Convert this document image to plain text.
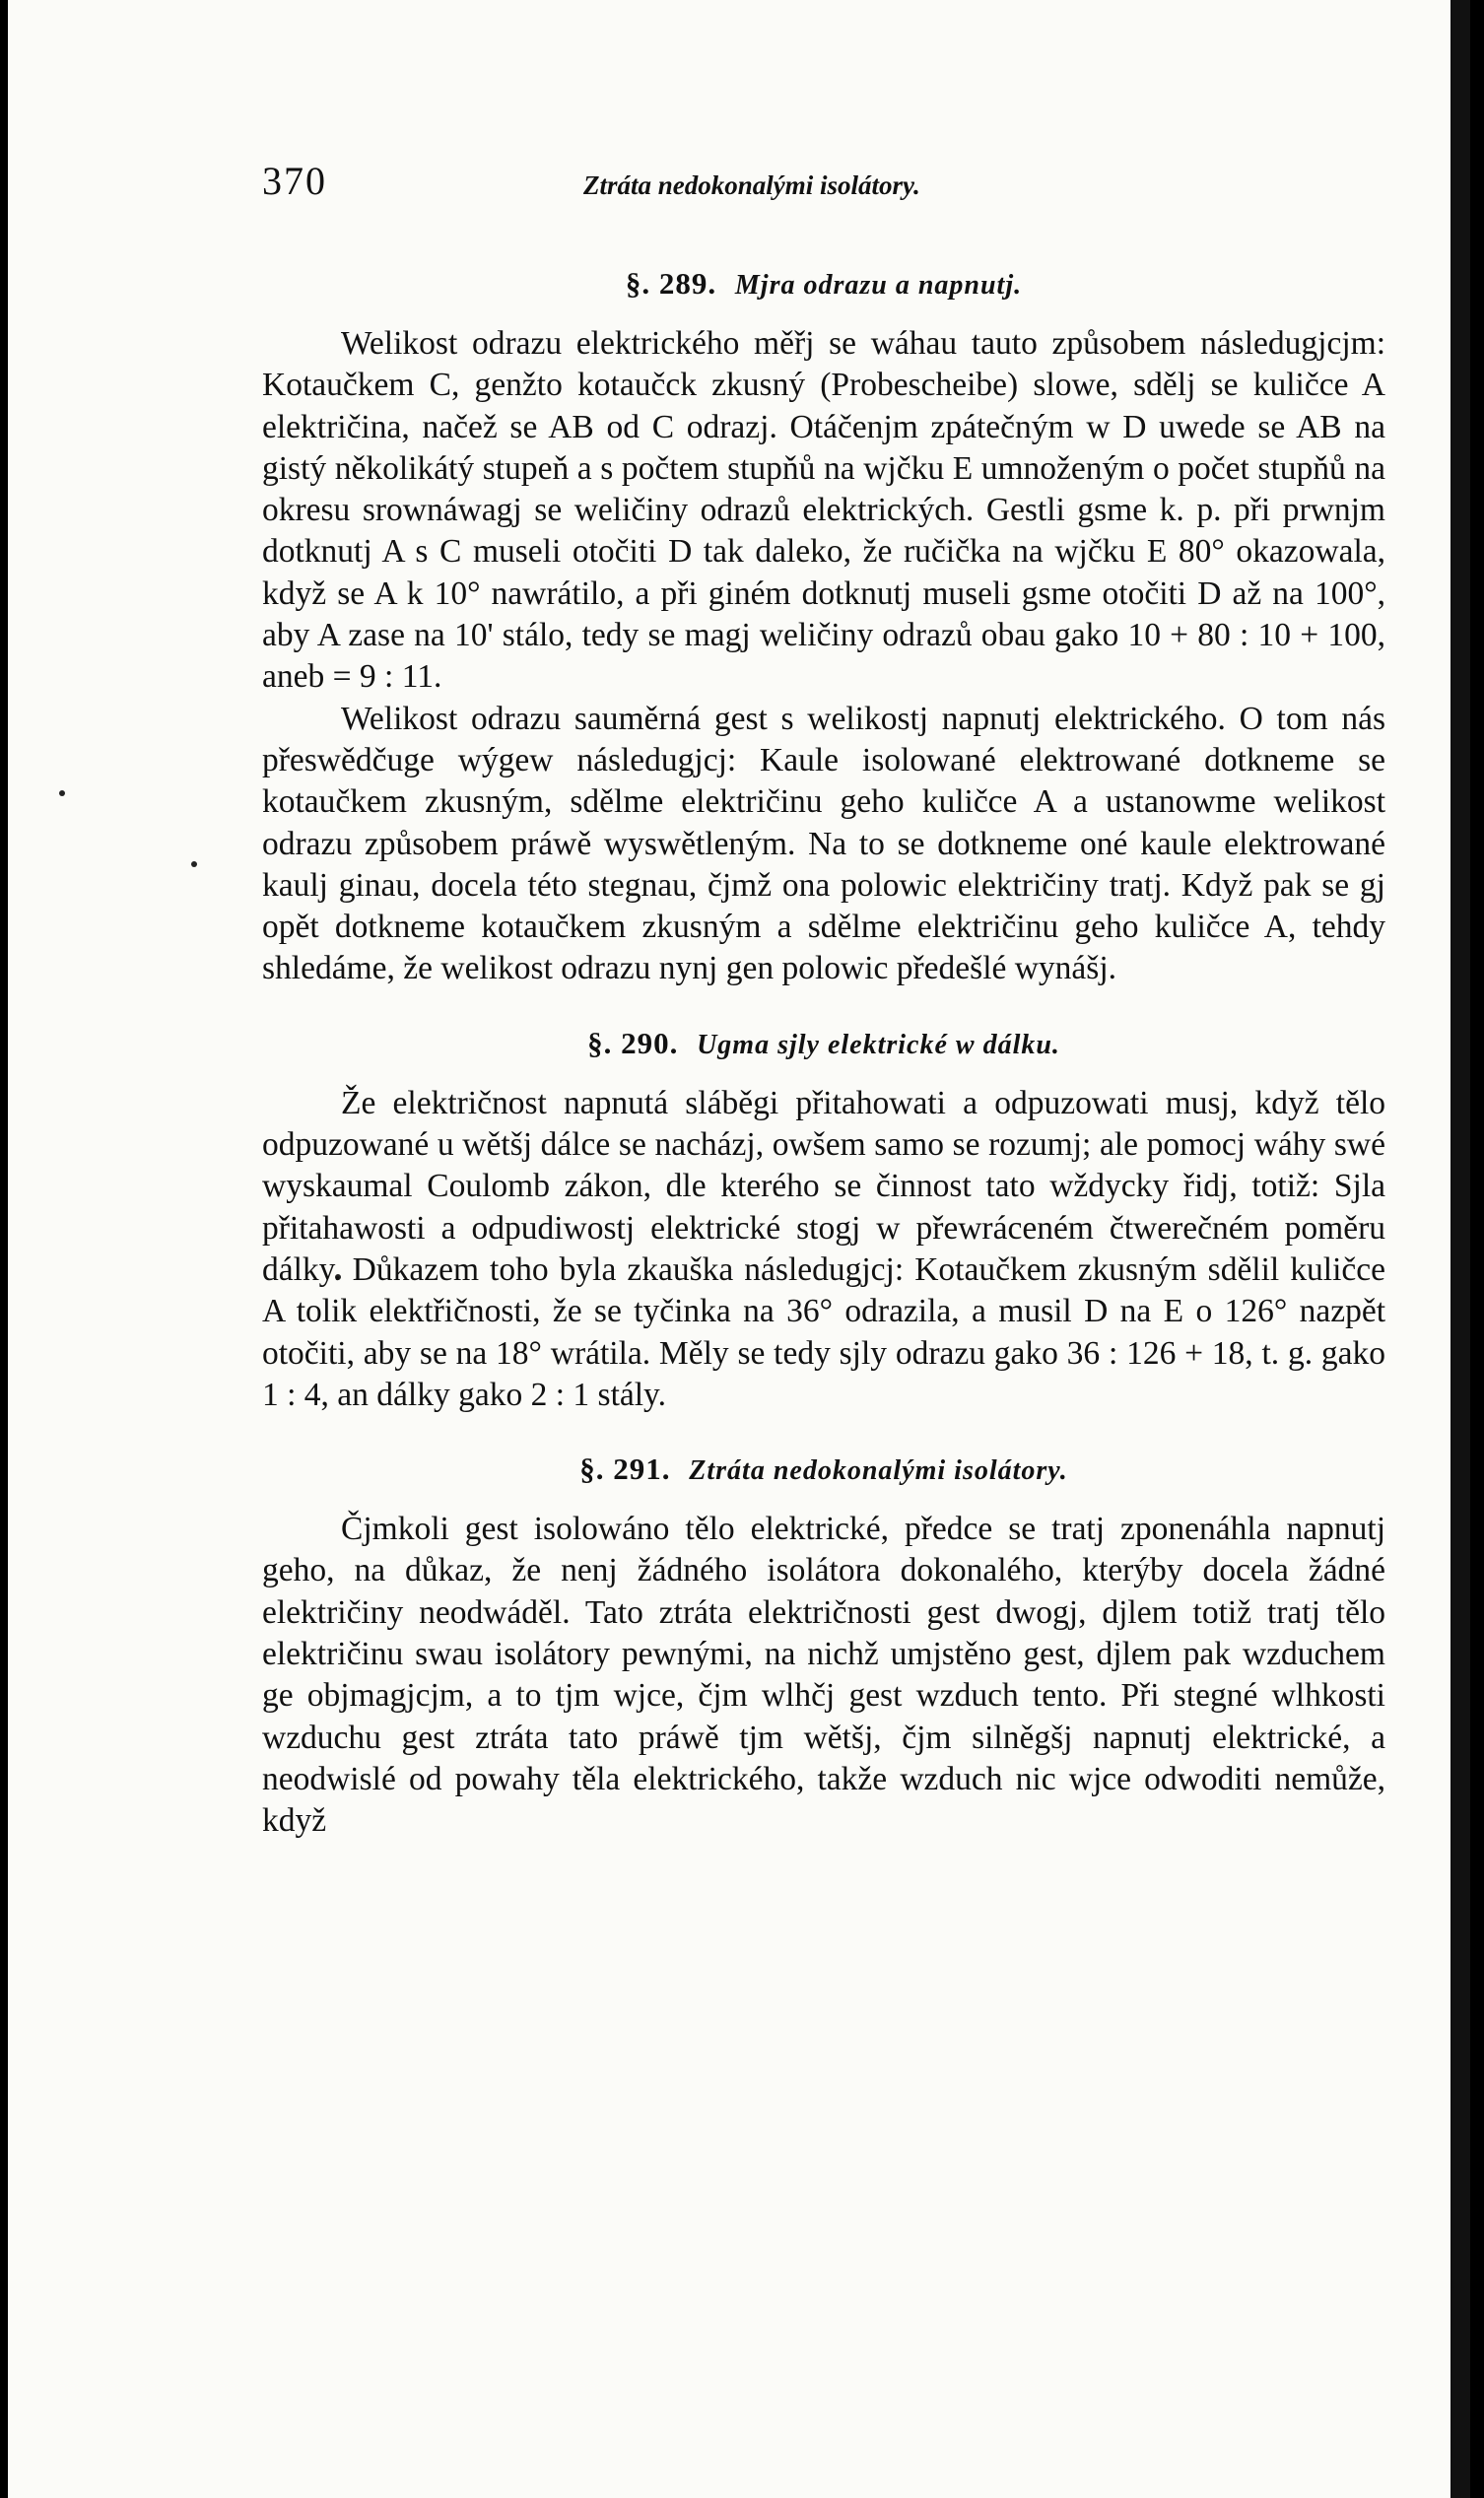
370	Ztráta nedokonalými isolátory.
§. 289. Mjra odrazu a napnutj.

Welikost odrazu elektrického měřj se wáhau tauto způsobem následugjcjm: Kotaučkem C, genžto kotaučck zkusný (Probescheibe) slowe, sdělj se kuličce A električina, načež se AB od C odrazj. Otáčenjm zpátečným w D uwede se AB na gistý několikátý stupeň a s počtem stupňů na wjčku E umnoženým o počet stupňů na okresu srownáwagj se weličiny odrazů elektrických. Gestli gsme k. p. při prwnjm dotknutj A s C museli otočiti D tak daleko, že ručička na wjčku E 80° okazowala, když se A k 10° nawrátilo, a při giném dotknutj museli gsme otočiti D až na 100°, aby A zase na 10' stálo, tedy se magj weličiny odrazů obau gako 10 + 80 : 10 + 100, aneb = 9 : 11.

Welikost odrazu sauměrná gest s welikostj napnutj elektrického. O tom nás přeswědčuge wýgew následugjcj: Kaule isolowané elektrowané dotkneme se kotaučkem zkusným, sdělme električinu geho kuličce A a ustanowme welikost odrazu způsobem práwě wyswětleným. Na to se dotkneme oné kaule elektrowané kaulj ginau, docela této stegnau, čjmž ona polowic električiny tratj. Když pak se gj opět dotkneme kotaučkem zkusným a sdělme električinu geho kuličce A, tehdy shledáme, že welikost odrazu nynj gen polowic předešlé wynášj.

§. 290. Ugma sjly elektrické w dálku.

Že električnost napnutá sláběgi přitahowati a odpuzowati musj, když tělo odpuzowané u wětšj dálce se nacházj, owšem samo se rozumj; ale pomocj wáhy swé wyskaumal Coulomb zákon, dle kterého se činnost tato wždycky řidj, totiž: Sjla přitahawosti a odpudiwostj elektrické stogj w přewráceném čtwerečném poměru dálky. Důkazem toho byla zkauška následugjcj: Kotaučkem zkusným sdělil kuličce A tolik elektřičnosti, že se tyčinka na 36° odrazila, a musil D na E o 126° nazpět otočiti, aby se na 18° wrátila. Měly se tedy sjly odrazu gako 36 : 126 + 18, t. g. gako 1 : 4, an dálky gako 2 : 1 stály.

§. 291. Ztráta nedokonalými isolátory.

Čjmkoli gest isolowáno tělo elektrické, předce se tratj zponenáhla napnutj geho, na důkaz, že nenj žádného isolátora dokonalého, kterýby docela žádné električiny neodwáděl. Tato ztráta električnosti gest dwogj, djlem totiž tratj tělo električinu swau isolátory pewnými, na nichž umjstěno gest, djlem pak wzduchem ge objmagjcjm, a to tjm wjce, čjm wlhčj gest wzduch tento. Při stegné wlhkosti wzduchu gest ztráta tato práwě tjm wětšj, čjm silněgšj napnutj elektrické, a neodwislé od powahy těla elektrického, takže wzduch nic wjce odwoditi nemůže, když
